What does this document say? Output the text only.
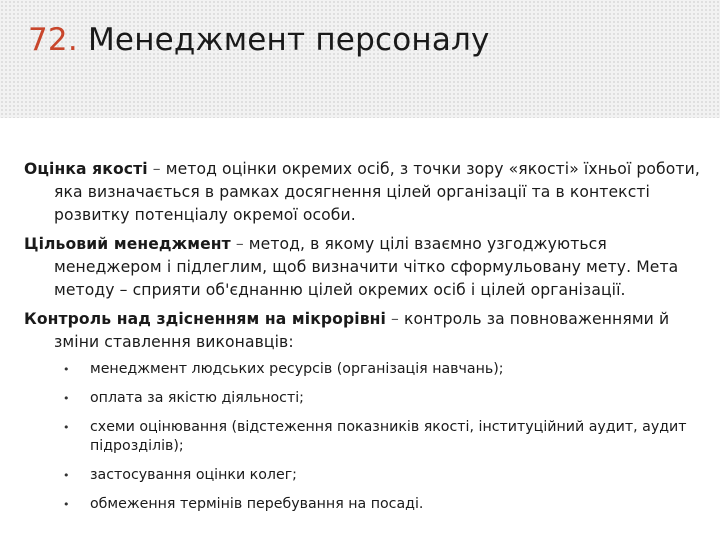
72. Менеджмент персоналу

Оцінка якості – метод оцінки окремих осіб, з точки зору «якості» їхньої роботи, яка визначається в рамках досягнення цілей організації та в контексті розвитку потенціалу окремої особи.

Цільовий менеджмент – метод, в якому цілі взаємно узгоджуються менеджером і підлеглим, щоб визначити чітко сформульовану мету. Мета методу – сприяти об'єднанню цілей окремих осіб і цілей організації.

Контроль над здісненням на мікрорівні – контроль за повноваженнями й зміни ставлення виконавців:

• менеджмент людських ресурсів (організація навчань);
• оплата за якістю діяльності;
• схеми оцінювання (відстеження показників якості, інституційний аудит, аудит підрозділів);
• застосування оцінки колег;
• обмеження термінів перебування на посаді.
